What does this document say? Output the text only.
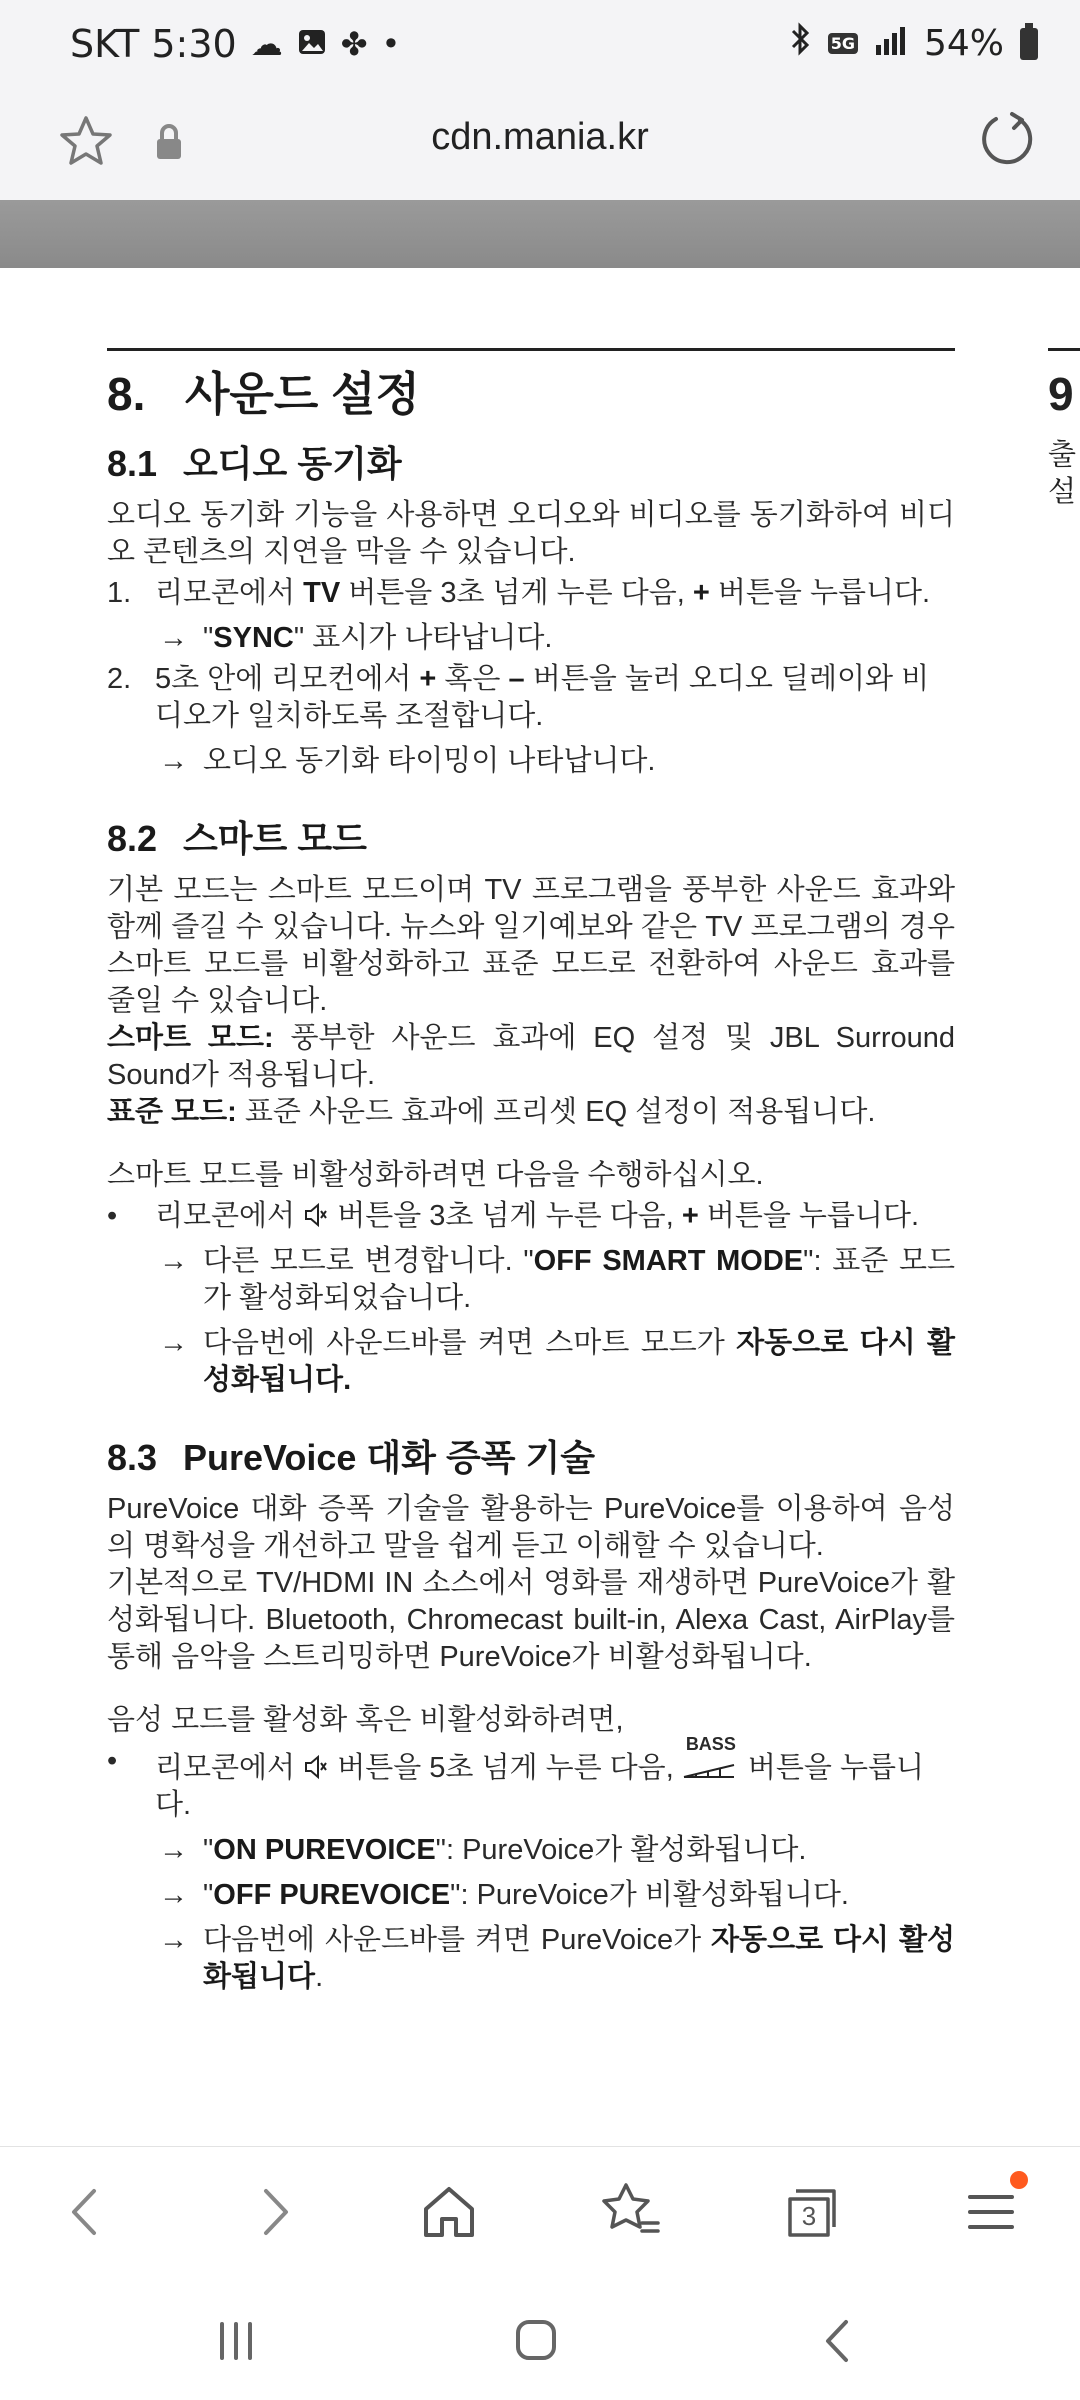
SKT 5:30 ☁ ✤ •	5G 54%
cdn.mania.kr
8. 사운드 설정
8.1 오디오 동기화
오디오 동기화 기능을 사용하면 오디오와 비디오를 동기화하여 비디오 콘텐츠의 지연을 막을 수 있습니다.
1. 리모콘에서 TV 버튼을 3초 넘게 누른 다음, + 버튼을 누릅니다.
→ "SYNC" 표시가 나타납니다.
2. 5초 안에 리모컨에서 + 혹은 – 버튼을 눌러 오디오 딜레이와 비디오가 일치하도록 조절합니다.
→ 오디오 동기화 타이밍이 나타납니다.
8.2 스마트 모드
기본 모드는 스마트 모드이며 TV 프로그램을 풍부한 사운드 효과와 함께 즐길 수 있습니다. 뉴스와 일기예보와 같은 TV 프로그램의 경우 스마트 모드를 비활성화하고 표준 모드로 전환하여 사운드 효과를 줄일 수 있습니다.
스마트 모드: 풍부한 사운드 효과에 EQ 설정 및 JBL Surround Sound가 적용됩니다.
표준 모드: 표준 사운드 효과에 프리셋 EQ 설정이 적용됩니다.
스마트 모드를 비활성화하려면 다음을 수행하십시오.
• 리모콘에서  버튼을 3초 넘게 누른 다음, + 버튼을 누릅니다.
→ 다른 모드로 변경합니다. "OFF SMART MODE": 표준 모드가 활성화되었습니다.
→ 다음번에 사운드바를 켜면 스마트 모드가 자동으로 다시 활성화됩니다.
8.3 PureVoice 대화 증폭 기술
PureVoice 대화 증폭 기술을 활용하는 PureVoice를 이용하여 음성의 명확성을 개선하고 말을 쉽게 듣고 이해할 수 있습니다.
기본적으로 TV/HDMI IN 소스에서 영화를 재생하면 PureVoice가 활성화됩니다. Bluetooth, Chromecast built-in, Alexa Cast, AirPlay를 통해 음악을 스트리밍하면 PureVoice가 비활성화됩니다.
음성 모드를 활성화 혹은 비활성화하려면,
• 리모콘에서  버튼을 5초 넘게 누른 다음,
BASS
버튼을 누릅니다.
→ "ON PUREVOICE": PureVoice가 활성화됩니다.
→ "OFF PUREVOICE": PureVoice가 비활성화됩니다.
→ 다음번에 사운드바를 켜면 PureVoice가 자동으로 다시 활성화됩니다.
9
출 설
3
